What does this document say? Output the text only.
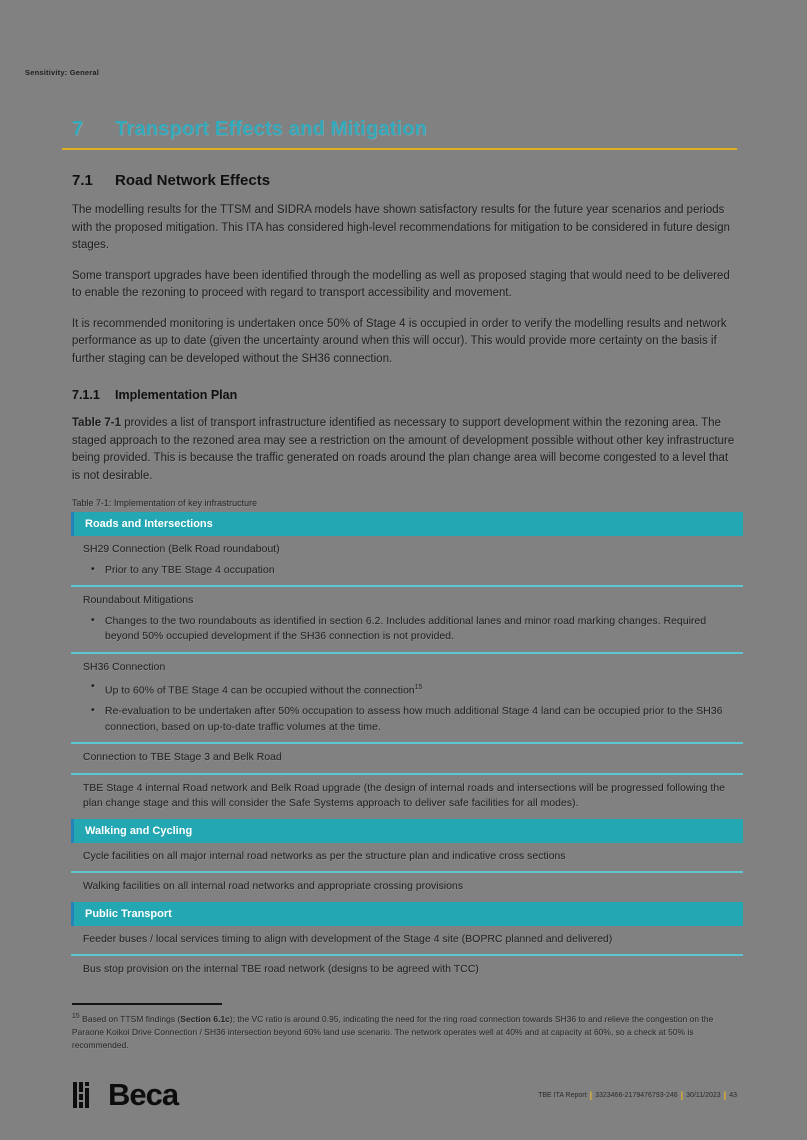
Sensitivity: General
7	Transport Effects and Mitigation
7.1	Road Network Effects

The modelling results for the TTSM and SIDRA models have shown satisfactory results for the future year scenarios and periods with the proposed mitigation. This ITA has considered high-level recommendations for mitigation to be considered in future design stages.

Some transport upgrades have been identified through the modelling as well as proposed staging that would need to be delivered to enable the rezoning to proceed with regard to transport accessibility and movement.

It is recommended monitoring is undertaken once 50% of Stage 4 is occupied in order to verify the modelling results and network performance as up to date (given the uncertainty around when this will occur). This would provide more certainty on the basis if further staging can be developed without the SH36 connection.

7.1.1	Implementation Plan

Table 7-1 provides a list of transport infrastructure identified as necessary to support development within the rezoning area. The staged approach to the rezoned area may see a restriction on the amount of development possible without other key infrastructure being provided. This is because the traffic generated on roads around the plan change area will become congested to a level that is not desirable.

Table 7-1: Implementation of key infrastructure
Roads and Intersections
SH29 Connection (Belk Road roundabout)
• Prior to any TBE Stage 4 occupation
Roundabout Mitigations
• Changes to the two roundabouts as identified in section 6.2. Includes additional lanes and minor road marking changes. Required beyond 50% occupied development if the SH36 connection is not provided.
SH36 Connection
• Up to 60% of TBE Stage 4 can be occupied without the connection$^{15}$
• Re-evaluation to be undertaken after 50% occupation to assess how much additional Stage 4 land can be occupied prior to the SH36 connection, based on up-to-date traffic volumes at the time.
Connection to TBE Stage 3 and Belk Road
TBE Stage 4 internal Road network and Belk Road upgrade (the design of internal roads and intersections will be progressed following the plan change stage and this will consider the Safe Systems approach to deliver safe facilities for all modes).
Walking and Cycling
Cycle facilities on all major internal road networks as per the structure plan and indicative cross sections
Walking facilities on all internal road networks and appropriate crossing provisions
Public Transport
Feeder buses / local services timing to align with development of the Stage 4 site (BOPRC planned and delivered)
Bus stop provision on the internal TBE road network (designs to be agreed with TCC)
$^{15}$ Based on TTSM findings (Section 6.1c); the VC ratio is around 0.95, indicating the need for the ring road connection towards SH36 to and relieve the congestion on the Paraone Koikoi Drive Connection / SH36 intersection beyond 60% land use scenario. The network operates well at 40% and at capacity at 60%, so a check at 50% is recommended.
Beca	TBE ITA Report | 3323466-2179476793-246 | 30/11/2023 | 43
